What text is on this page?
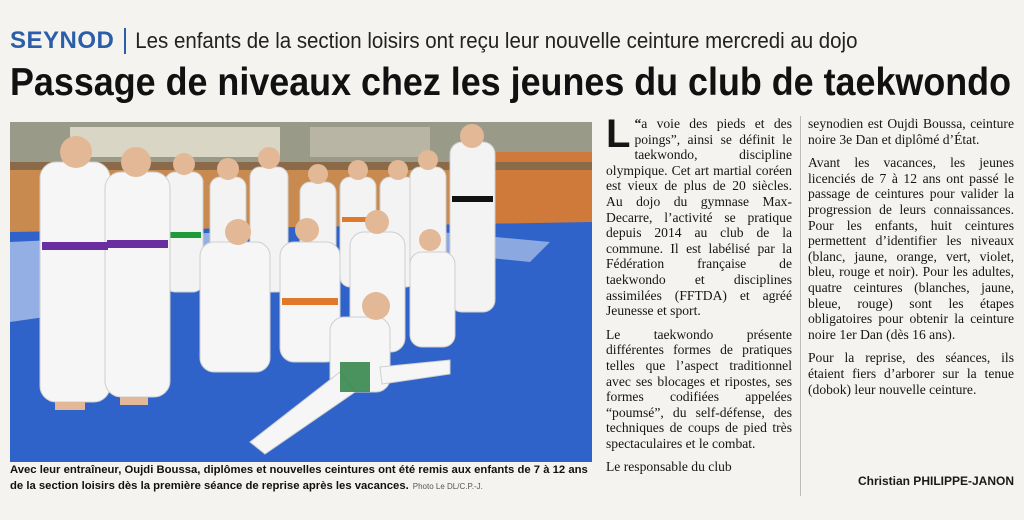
SEYNOD Les enfants de la section loisirs ont reçu leur nouvelle ceinture mercredi au dojo
Passage de niveaux chez les jeunes du club de taekwondo
Avec leur entraîneur, Oujdi Boussa, diplômes et nouvelles ceintures ont été remis aux enfants de 7 à 12 ans de la section loisirs dès la première séance de reprise après les vacances. Photo Le DL/C.P.-J.

“
L a voie des pieds et des poings”, ainsi se définit le taekwondo, discipline olympique. Cet art martial coréen est vieux de plus de 20 siècles. Au dojo du gymnase Max-Decarre, l’activité se pratique depuis 2014 au club de la commune. Il est labélisé par la Fédération française de taekwondo et disciplines assimilées (FFTDA) et agréé Jeunesse et sport.

Le taekwondo présente différentes formes de pratiques telles que l’aspect traditionnel avec ses blocages et ripostes, ses formes codifiées appelées “poumsé”, du self-défense, des techniques de coups de pied très spectaculaires et le combat.

Le responsable du club

seynodien est Oujdi Boussa, ceinture noire 3e Dan et diplômé d’État.

Avant les vacances, les jeunes licenciés de 7 à 12 ans ont passé le passage de ceintures pour valider la progression de leurs connaissances. Pour les enfants, huit ceintures permettent d’identifier les niveaux (blanc, jaune, orange, vert, violet, bleu, rouge et noir). Pour les adultes, quatre ceintures (blanches, jaune, bleue, rouge) sont les étapes obligatoires pour obtenir la ceinture noire 1er Dan (dès 16 ans).

Pour la reprise, des séances, ils étaient fiers d’arborer sur la tenue (dobok) leur nouvelle ceinture.

Christian PHILIPPE-JANON
